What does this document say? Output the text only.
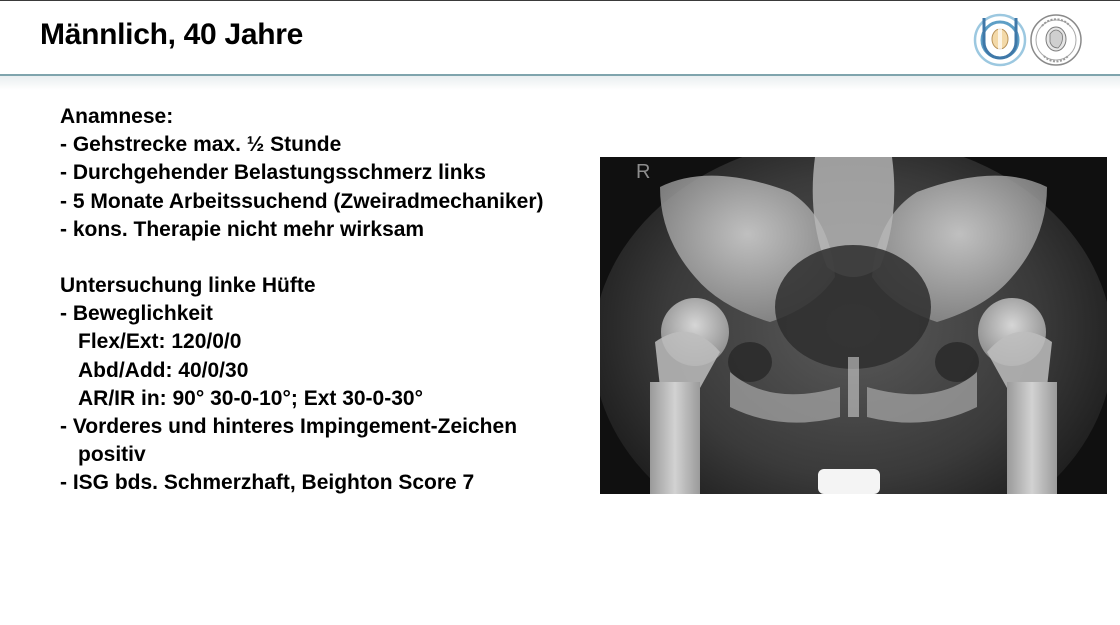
Männlich, 40 Jahre
Anamnese:
- Gehstrecke max. ½ Stunde
- Durchgehender Belastungsschmerz links
- 5 Monate Arbeitssuchend (Zweiradmechaniker)
- kons. Therapie nicht mehr wirksam
Untersuchung linke Hüfte
- Beweglichkeit
Flex/Ext: 120/0/0
Abd/Add: 40/0/30
AR/IR in: 90° 30-0-10°; Ext 30-0-30°
- Vorderes und hinteres Impingement-Zeichen
positiv
- ISG bds. Schmerzhaft, Beighton Score 7
R
